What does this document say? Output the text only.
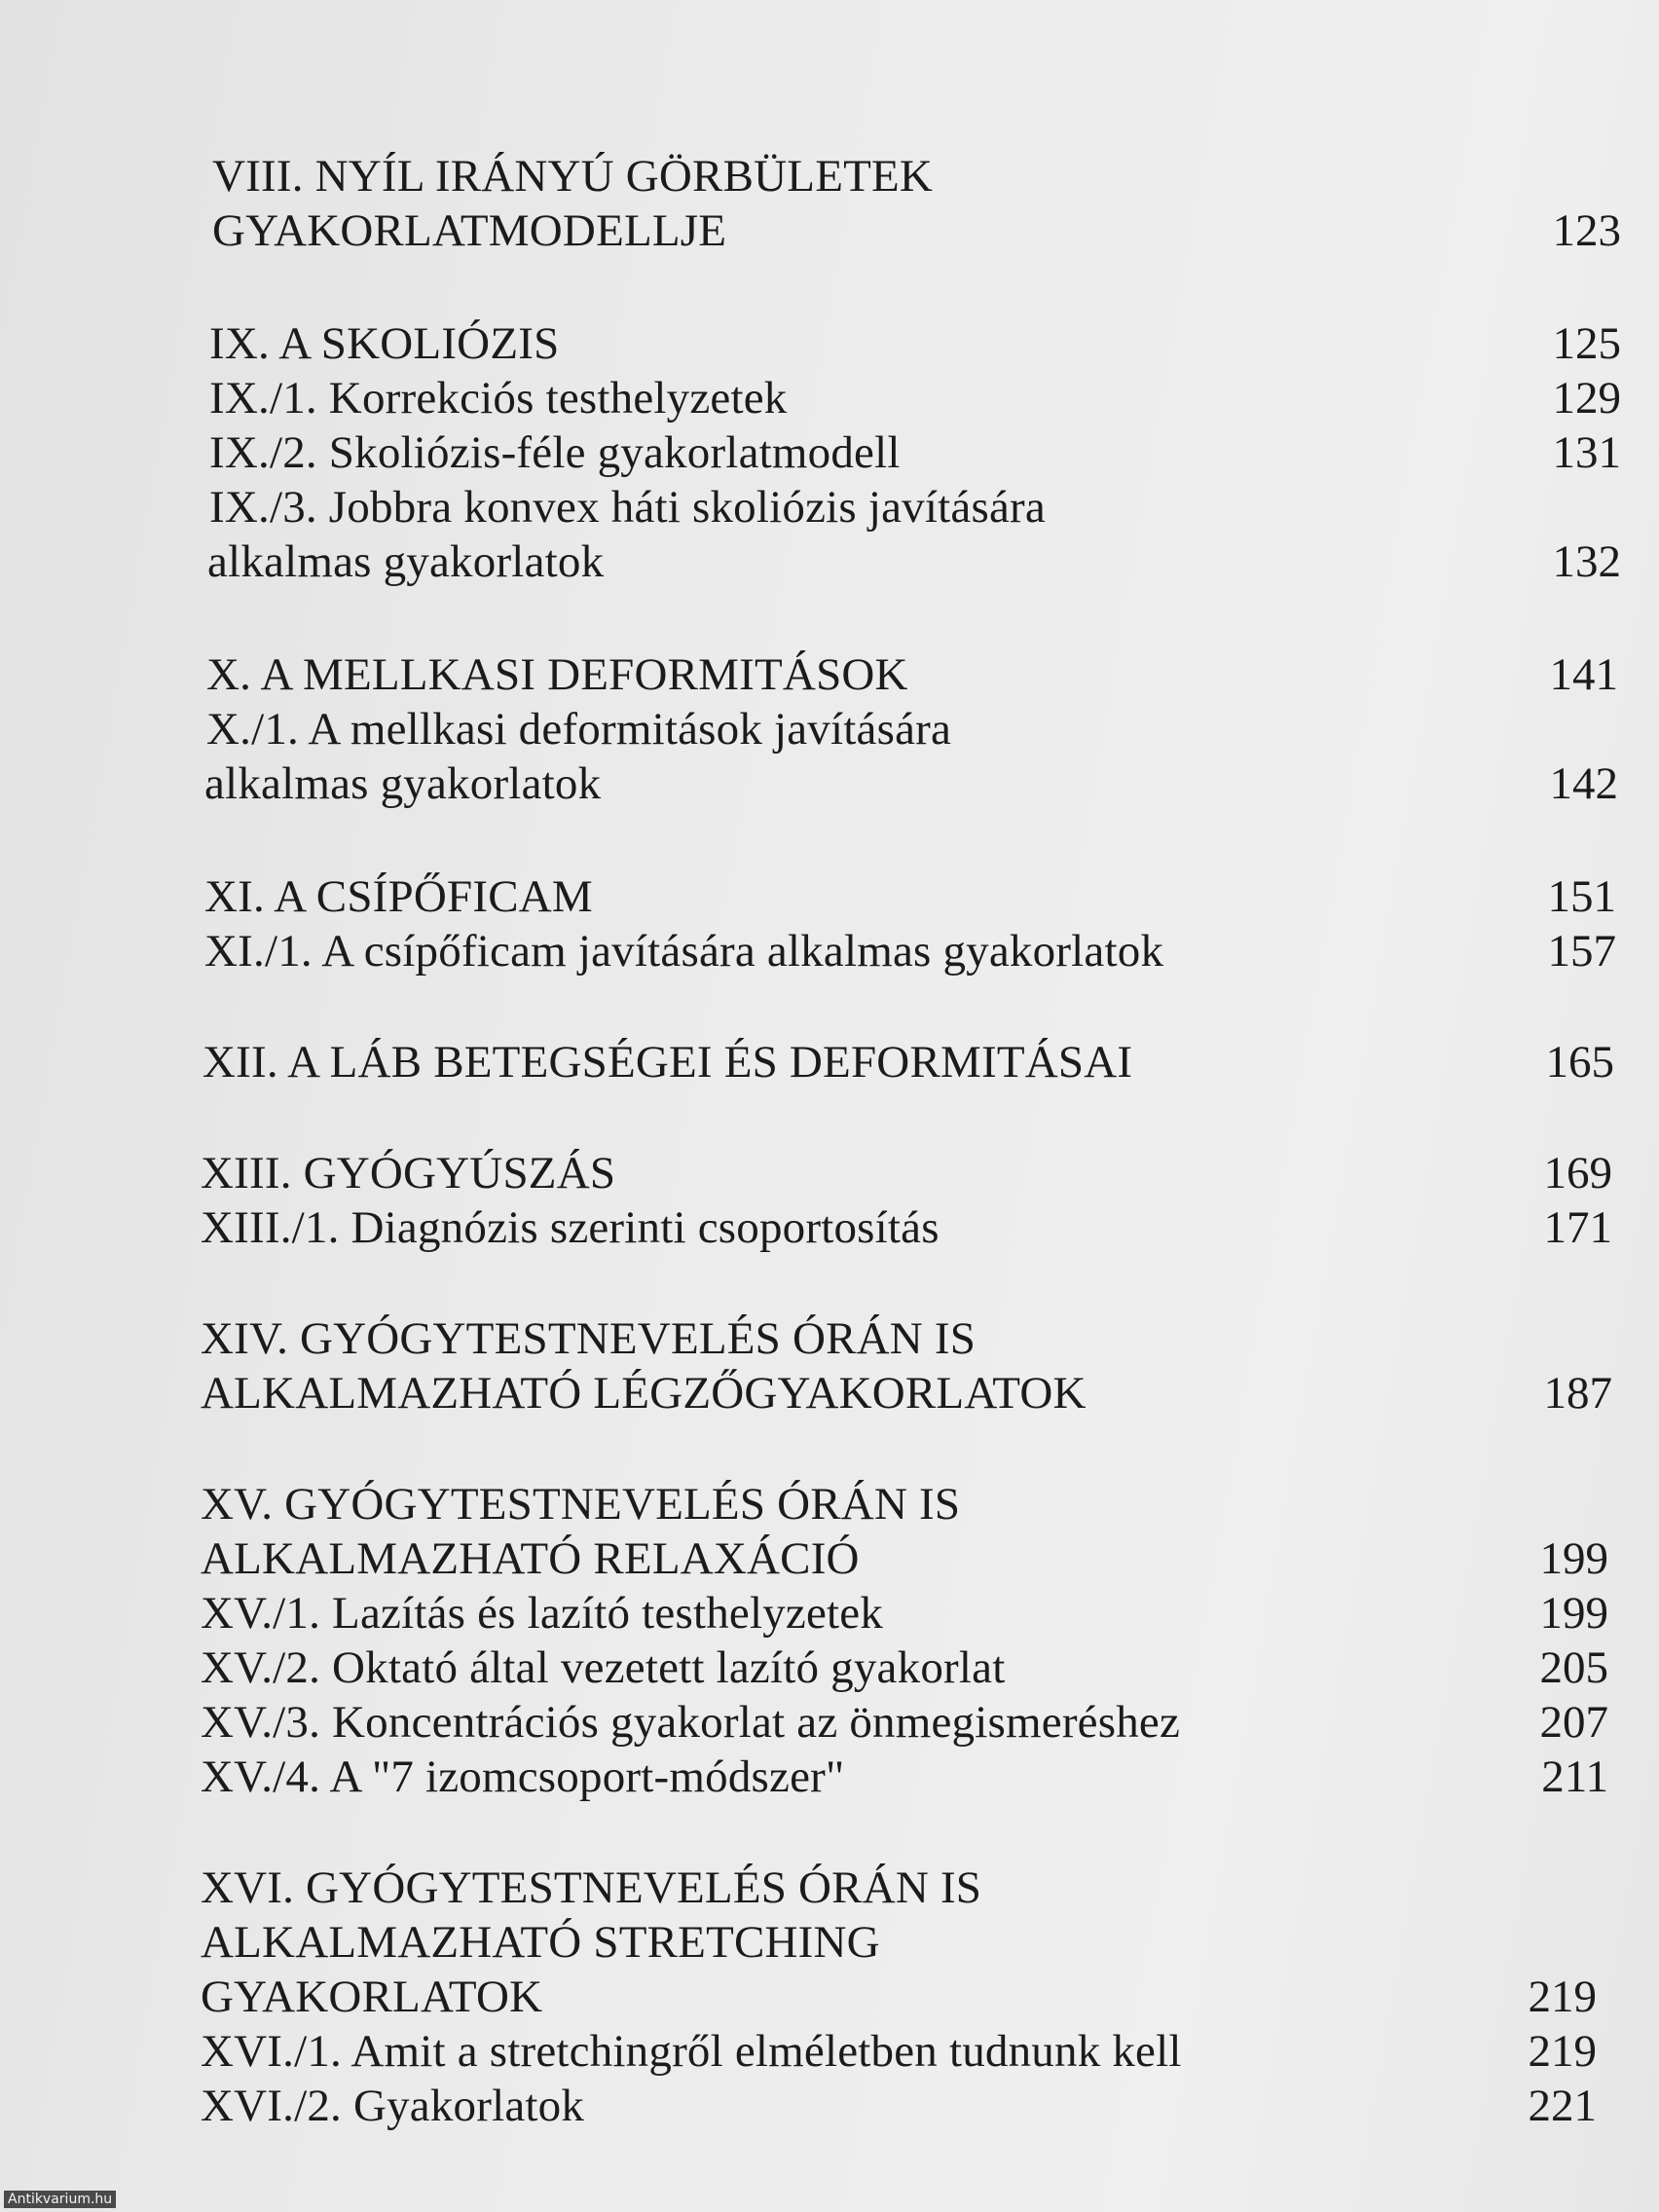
VIII. NYÍL IRÁNYÚ GÖRBÜLETEK
GYAKORLATMODELLJE	123
IX. A SKOLIÓZIS	125
IX./1. Korrekciós testhelyzetek	129
IX./2. Skoliózis-féle gyakorlatmodell	131
IX./3. Jobbra konvex háti skoliózis javítására
alkalmas gyakorlatok	132
X. A MELLKASI DEFORMITÁSOK	141
X./1. A mellkasi deformitások javítására
alkalmas gyakorlatok	142
XI. A CSÍPŐFICAM	151
XI./1. A csípőficam javítására alkalmas gyakorlatok	157
XII. A LÁB BETEGSÉGEI ÉS DEFORMITÁSAI	165
XIII. GYÓGYÚSZÁS	169
XIII./1. Diagnózis szerinti csoportosítás	171
XIV. GYÓGYTESTNEVELÉS ÓRÁN IS
ALKALMAZHATÓ LÉGZŐGYAKORLATOK	187
XV. GYÓGYTESTNEVELÉS ÓRÁN IS
ALKALMAZHATÓ RELAXÁCIÓ	199
XV./1. Lazítás és lazító testhelyzetek	199
XV./2. Oktató által vezetett lazító gyakorlat	205
XV./3. Koncentrációs gyakorlat az önmegismeréshez	207
XV./4. A "7 izomcsoport-módszer"	211
XVI. GYÓGYTESTNEVELÉS ÓRÁN IS
ALKALMAZHATÓ STRETCHING
GYAKORLATOK	219
XVI./1. Amit a stretchingről elméletben tudnunk kell	219
XVI./2. Gyakorlatok	221
Antikvarium.hu
